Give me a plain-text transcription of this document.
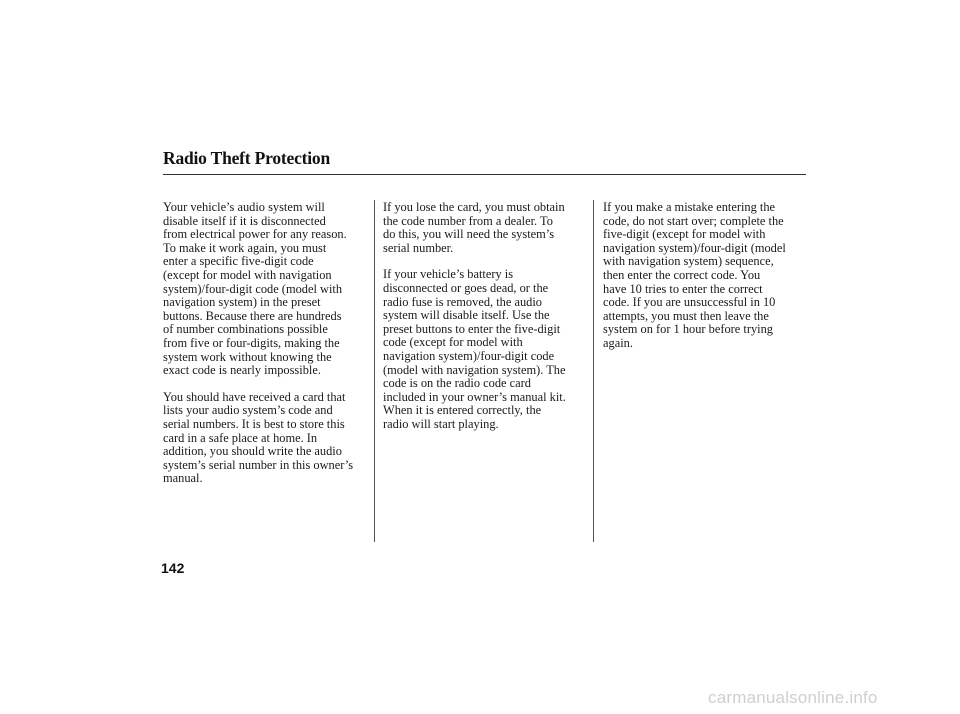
Radio Theft Protection

Your vehicle’s audio system will
disable itself if it is disconnected
from electrical power for any reason.
To make it work again, you must
enter a specific five-digit code
(except for model with navigation
system)/four-digit code (model with
navigation system) in the preset
buttons. Because there are hundreds
of number combinations possible
from five or four-digits, making the
system work without knowing the
exact code is nearly impossible.

You should have received a card that
lists your audio system’s code and
serial numbers. It is best to store this
card in a safe place at home. In
addition, you should write the audio
system’s serial number in this owner’s
manual.

If you lose the card, you must obtain
the code number from a dealer. To
do this, you will need the system’s
serial number.

If your vehicle’s battery is
disconnected or goes dead, or the
radio fuse is removed, the audio
system will disable itself. Use the
preset buttons to enter the five-digit
code (except for model with
navigation system)/four-digit code
(model with navigation system). The
code is on the radio code card
included in your owner’s manual kit.
When it is entered correctly, the
radio will start playing.

If you make a mistake entering the
code, do not start over; complete the
five-digit (except for model with
navigation system)/four-digit (model
with navigation system) sequence,
then enter the correct code. You
have 10 tries to enter the correct
code. If you are unsuccessful in 10
attempts, you must then leave the
system on for 1 hour before trying
again.

142
carmanualsonline.info
